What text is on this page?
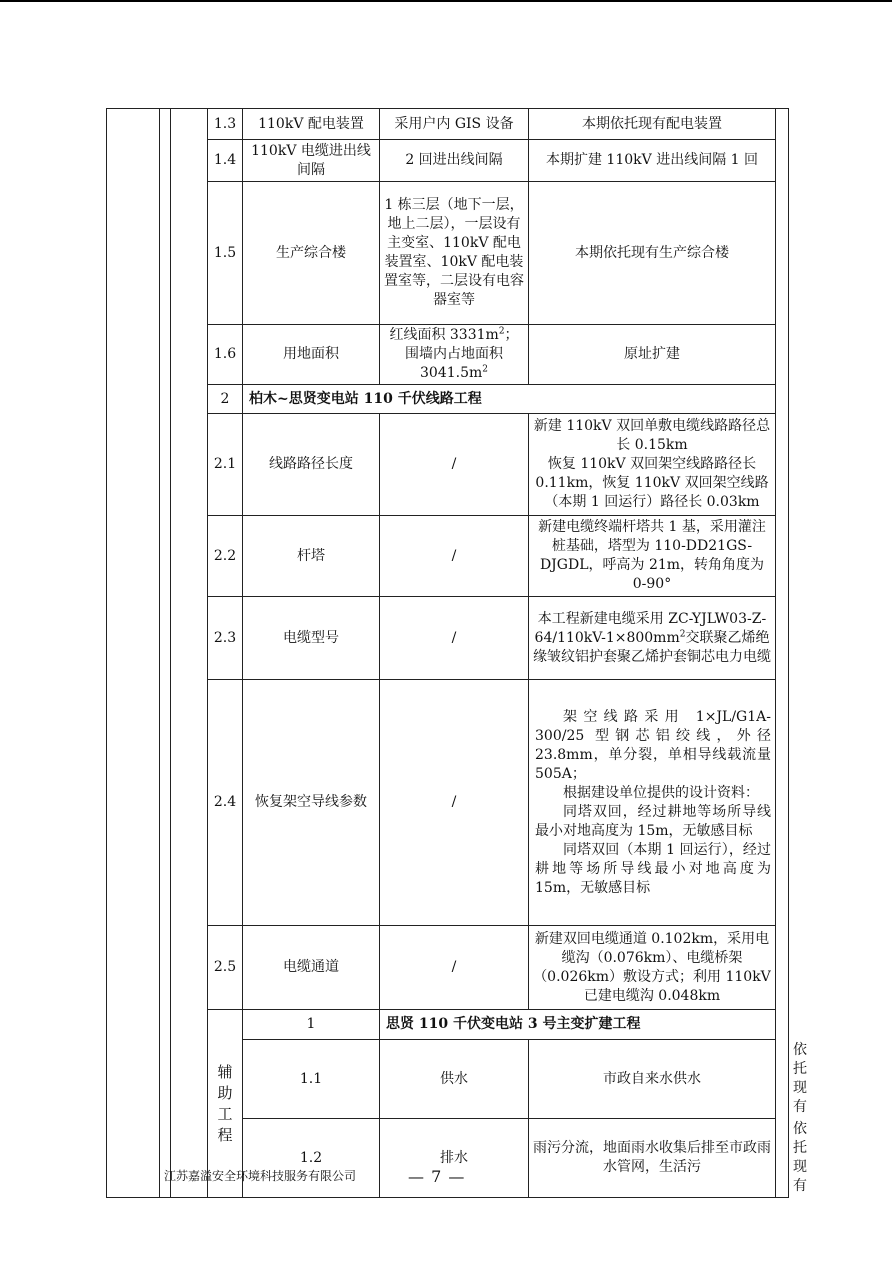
			1.3	110kV 配电装置	采用户内 GIS 设备	本期依托现有配电装置		
			1.4	110kV 电缆进出线间隔	2 回进出线间隔	本期扩建 110kV 进出线间隔 1 回		
			1.5	生产综合楼	1 栋三层（地下一层，地上二层），一层设有主变室、110kV 配电装置室、10kV 配电装置室等，二层设有电容器室等	本期依托现有生产综合楼		
			1.6	用地面积	红线面积 $3331m^2$；
围墙内占地面积 $3041.5m^2$	原址扩建		
			2	柏木~思贤变电站 110 千伏线路工程				
			2.1	线路路径长度	/	新建 110kV 双回单敷电缆线路路径总长 0.15km
恢复 110kV 双回架空线路路径长 0.11km，恢复 110kV 双回架空线路（本期 1 回运行）路径长 0.03km		

			2.2	杆塔	/	新建电缆终端杆塔共 1 基，采用灌注桩基础，塔型为 110-DD21GS-DJGDL，呼高为 21m，转角角度为 0-90°		
			2.3	电缆型号	/	本工程新建电缆采用 $ZC-YJLW03-Z-64/110kV-1\times 800mm^2$交联聚乙烯绝缘皱纹铝护套聚乙烯护套铜芯电力电缆		
			2.4	恢复架空导线参数	/	架空线路采用 1×JL/G1A-300/25 型钢芯铝绞线，外径 23.8mm，单分裂，单相导线载流量 505A；
根据建设单位提供的设计资料：
同塔双回，经过耕地等场所导线最小对地高度为 15m，无敏感目标
同塔双回（本期 1 回运行），经过耕地等场所导线最小对地高度为 15m，无敏感目标		

			2.5	电缆通道	/	新建双回电缆通道 0.102km，采用电缆沟（0.076km）、电缆桥架（0.026km）敷设方式；利用 110kV 已建电缆沟 0.048km		

			辅助工程	1	思贤 110 千伏变电站 3 号主变扩建工程			
				1.1	供水	市政自来水供水		依托现有
				1.2	排水	雨污分流，地面雨水收集后排至市政雨水管网，生活污		依托现有
江苏嘉溢安全环境科技服务有限公司	— 7 —
